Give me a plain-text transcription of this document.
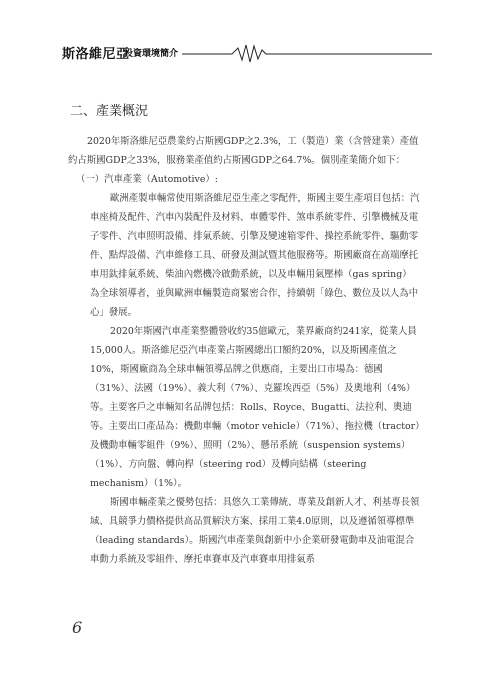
斯洛維尼亞
投資環境簡介
二、產業概況

2020年斯洛維尼亞農業約占斯國GDP之2.3%，工（製造）業（含營建業）產值約占斯國GDP之33%，服務業產值約占斯國GDP之64.7%。個別產業簡介如下：

（一）汽車產業（Automotive）:

歐洲產製車輛常使用斯洛維尼亞生產之零配件，斯國主要生產項目包括：汽車座椅及配件、汽車內裝配件及材料、車體零件、煞車系統零件、引擎機械及電子零件、汽車照明設備、排氣系統、引擎及變速箱零件、操控系統零件、驅動零件、點焊設備、汽車維修工具、研發及測試暨其他服務等。斯國廠商在高端摩托車用鈦排氣系統、柴油內燃機冷啟動系統，以及車輛用氣壓棒（gas spring）為全球領導者，並與歐洲車輛製造商緊密合作，持續朝「綠色、數位及以人為中心」發展。

2020年斯國汽車產業整體營收約35億歐元，業界廠商約241家，從業人員15,000人。斯洛維尼亞汽車產業占斯國總出口額約20%，以及斯國產值之10%，斯國廠商為全球車輛領導品牌之供應商，主要出口市場為：德國（31%）、法國（19%）、義大利（7%）、克羅埃西亞（5%）及奧地利（4%）等。主要客戶之車輛知名品牌包括：Rolls、Royce、Bugatti、法拉利、奧迪等。主要出口產品為：機動車輛（motor vehicle）（71%）、拖拉機（tractor）及機動車輛零組件（9%）、照明（2%）、懸吊系統（suspension systems）（1%）、方向盤、轉向桿（steering rod）及轉向結構（steering mechanism）（1%）。

斯國車輛產業之優勢包括：具悠久工業傳統、專業及創新人才、利基專長領域、具競爭力價格提供高品質解決方案、採用工業4.0原則，以及遵循領導標準（leading standards）。斯國汽車產業與創新中小企業研發電動車及油電混合車動力系統及零組件、摩托車賽車及汽車賽車用排氣系

6
